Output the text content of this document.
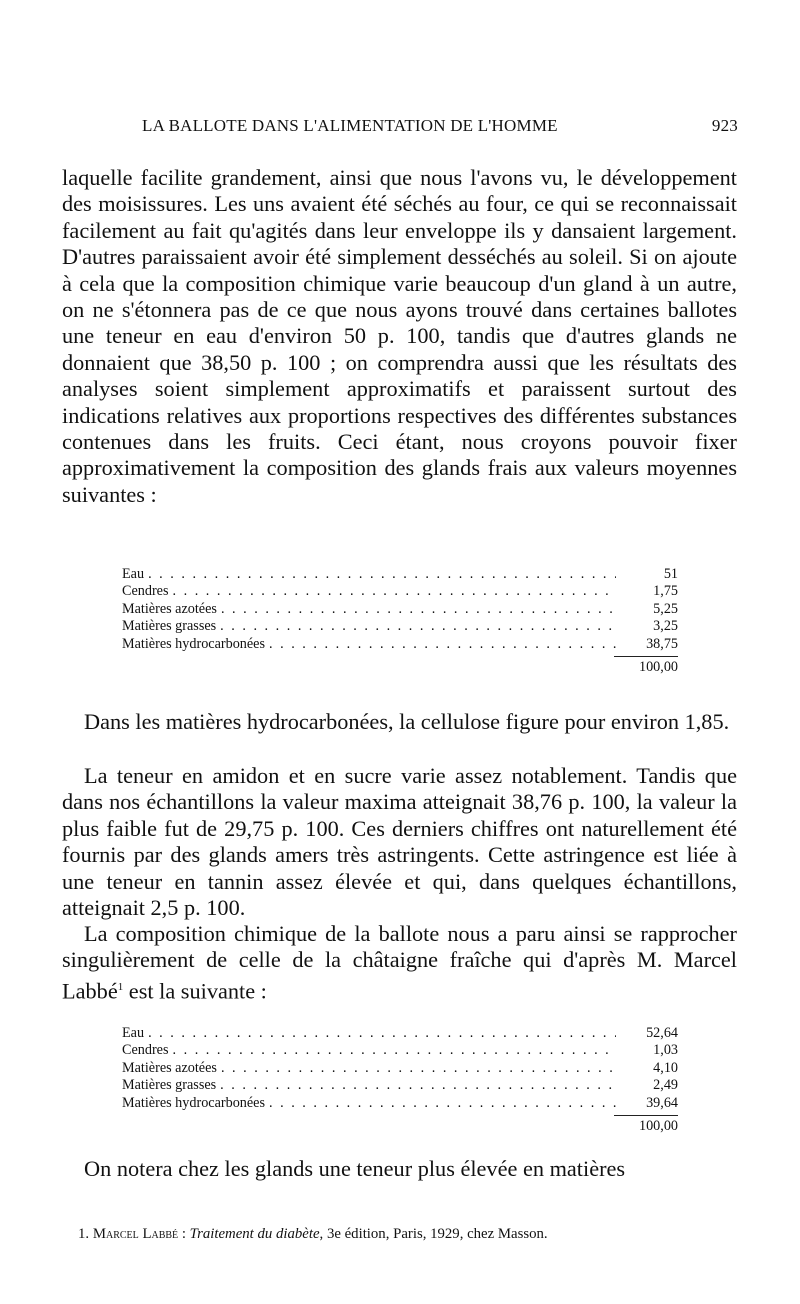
LA BALLOTE DANS L'ALIMENTATION DE L'HOMME	923

laquelle facilite grandement, ainsi que nous l'avons vu, le développement des moisissures. Les uns avaient été séchés au four, ce qui se reconnaissait facilement au fait qu'agités dans leur enveloppe ils y dansaient largement. D'autres paraissaient avoir été simplement desséchés au soleil. Si on ajoute à cela que la composition chimique varie beaucoup d'un gland à un autre, on ne s'étonnera pas de ce que nous ayons trouvé dans certaines ballotes une teneur en eau d'environ 50 p. 100, tandis que d'autres glands ne donnaient que 38,50 p. 100 ; on comprendra aussi que les résultats des analyses soient simplement approximatifs et paraissent surtout des indications relatives aux proportions respectives des différentes substances contenues dans les fruits. Ceci étant, nous croyons pouvoir fixer approximativement la composition des glands frais aux valeurs moyennes suivantes :

Eau . . .	51
Cendres . . .	1,75
Matières azotées . . .	5,25
Matières grasses . . .	3,25
Matières hydrocarbonées . . .	38,75
100,00

Dans les matières hydrocarbonées, la cellulose figure pour environ 1,85.

La teneur en amidon et en sucre varie assez notablement. Tandis que dans nos échantillons la valeur maxima atteignait 38,76 p. 100, la valeur la plus faible fut de 29,75 p. 100. Ces derniers chiffres ont naturellement été fournis par des glands amers très astringents. Cette astringence est liée à une teneur en tannin assez élevée et qui, dans quelques échantillons, atteignait 2,5 p. 100.

La composition chimique de la ballote nous a paru ainsi se rapprocher singulièrement de celle de la châtaigne fraîche qui d'après M. Marcel Labbé$^1$ est la suivante :

Eau . . .	52,64
Cendres . . .	1,03
Matières azotées . . .	4,10
Matières grasses . . .	2,49
Matières hydrocarbonées . . .	39,64
100,00

On notera chez les glands une teneur plus élevée en matières

1. Marcel Labbé : Traitement du diabète, 3e édition, Paris, 1929, chez Masson.
